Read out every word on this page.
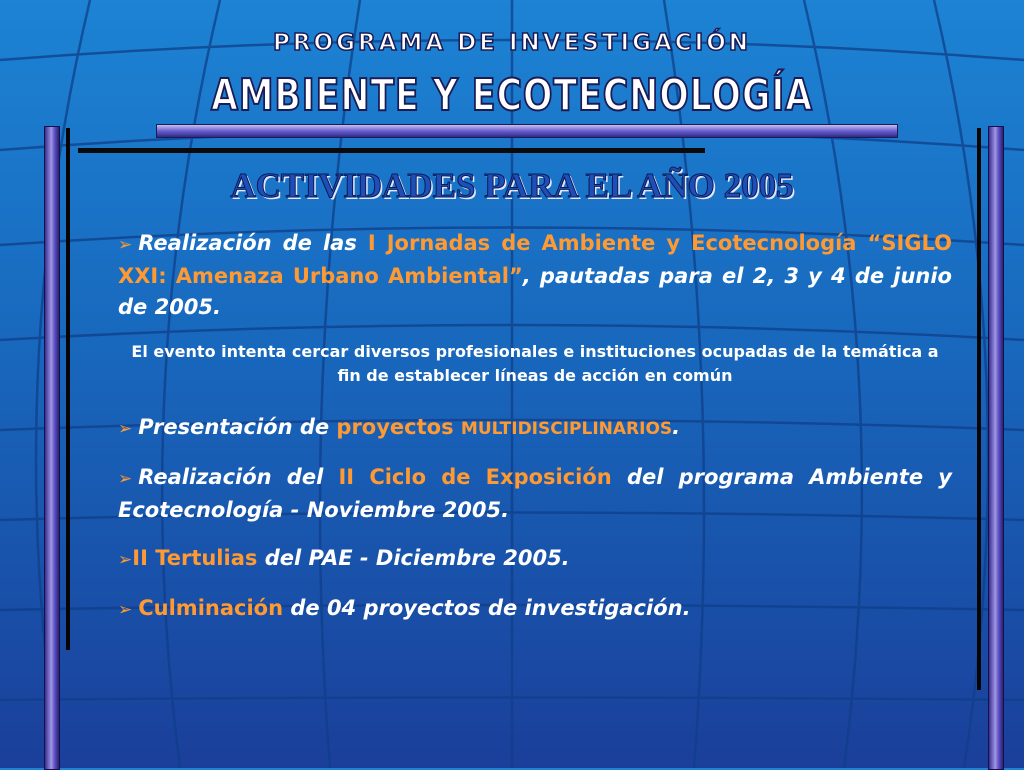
PROGRAMA DE INVESTIGACIÓN
AMBIENTE Y ECOTECNOLOGÍA
ACTIVIDADES PARA EL AÑO 2005
➢ Realización de las I Jornadas de Ambiente y Ecotecnología “SIGLO XXI: Amenaza Urbano Ambiental”, pautadas para el 2, 3 y 4 de junio de 2005.
El evento intenta cercar diversos profesionales e instituciones ocupadas de la temática a fin de establecer líneas de acción en común
➢ Presentación de proyectos MULTIDISCIPLINARIOS.
➢ Realización del II Ciclo de Exposición del programa Ambiente y Ecotecnología - Noviembre 2005.
➢II Tertulias del PAE - Diciembre 2005.
➢ Culminación de 04 proyectos de investigación.
